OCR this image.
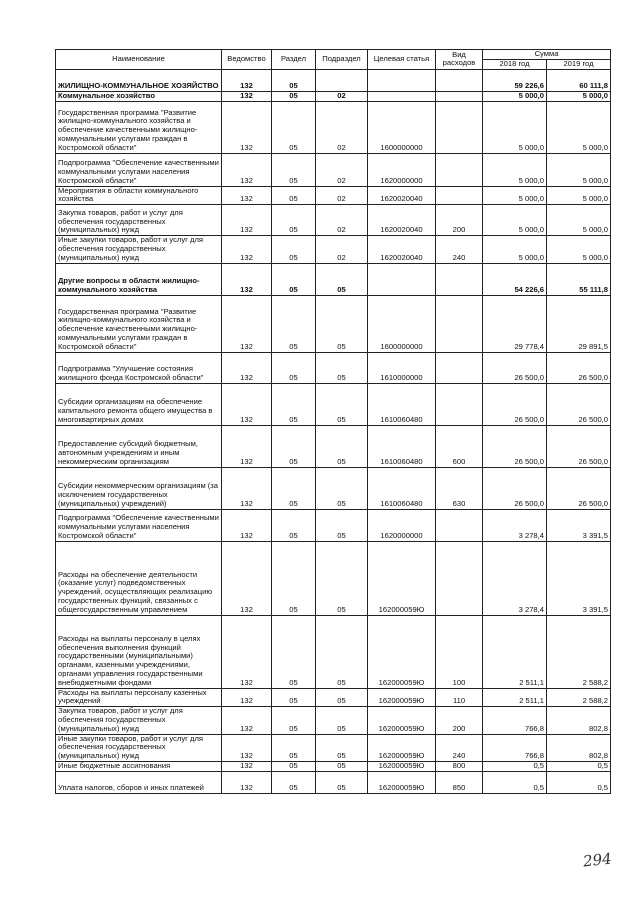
Наименование	Ведомство	Раздел	Подраздел	Целевая статья	Вид расходов	Сумма	
						2018 год	2019 год
ЖИЛИЩНО-КОММУНАЛЬНОЕ ХОЗЯЙСТВО	132	05				59 226,6	60 111,8
Коммунальное хозяйство	132	05	02			5 000,0	5 000,0
Государственная программа "Развитие жилищно-коммунального хозяйства и обеспечение качественными жилищно-коммунальными услугами граждан в Костромской области"	132	05	02	1600000000		5 000,0	5 000,0
Подпрограмма "Обеспечение качественными коммунальными услугами населения Костромской области"	132	05	02	1620000000		5 000,0	5 000,0
Мероприятия в области коммунального хозяйства	132	05	02	1620020040		5 000,0	5 000,0
Закупка товаров, работ и услуг для обеспечения государственных (муниципальных) нужд	132	05	02	1620020040	200	5 000,0	5 000,0
Иные закупки товаров, работ и услуг для обеспечения государственных (муниципальных) нужд	132	05	02	1620020040	240	5 000,0	5 000,0
Другие вопросы в области жилищно-коммунального хозяйства	132	05	05			54 226,6	55 111,8
Государственная программа "Развитие жилищно-коммунального хозяйства и обеспечение качественными жилищно-коммунальными услугами граждан в Костромской области"	132	05	05	1600000000		29 778,4	29 891,5
Подпрограмма "Улучшение состояния жилищного фонда Костромской области"	132	05	05	1610000000		26 500,0	26 500,0
Субсидии организациям на обеспечение капитального ремонта общего имущества в многоквартирных домах	132	05	05	1610060480		26 500,0	26 500,0
Предоставление субсидий бюджетным, автономным учреждениям и иным некоммерческим организациям	132	05	05	1610060480	600	26 500,0	26 500,0
Субсидии некоммерческим организациям (за исключением государственных (муниципальных) учреждений)	132	05	05	1610060480	630	26 500,0	26 500,0
Подпрограмма "Обеспечение качественными коммунальными услугами населения Костромской области"	132	05	05	1620000000		3 278,4	3 391,5
Расходы на обеспечение деятельности (оказание услуг) подведомственных учреждений, осуществляющих реализацию государственных функций, связанных с общегосударственным управлением	132	05	05	162000059Ю		3 278,4	3 391,5
Расходы на выплаты персоналу в целях обеспечения выполнения функций государственными (муниципальными) органами, казенными учреждениями, органами управления государственными внебюджетными фондами	132	05	05	162000059Ю	100	2 511,1	2 588,2
Расходы на выплаты персоналу казенных учреждений	132	05	05	162000059Ю	110	2 511,1	2 588,2
Закупка товаров, работ и услуг для обеспечения государственных (муниципальных) нужд	132	05	05	162000059Ю	200	766,8	802,8
Иные закупки товаров, работ и услуг для обеспечения государственных (муниципальных) нужд	132	05	05	162000059Ю	240	766,8	802,8
Иные бюджетные ассигнования	132	05	05	162000059Ю	800	0,5	0,5
Уплата налогов, сборов и иных платежей	132	05	05	162000059Ю	850	0,5	0,5
294
